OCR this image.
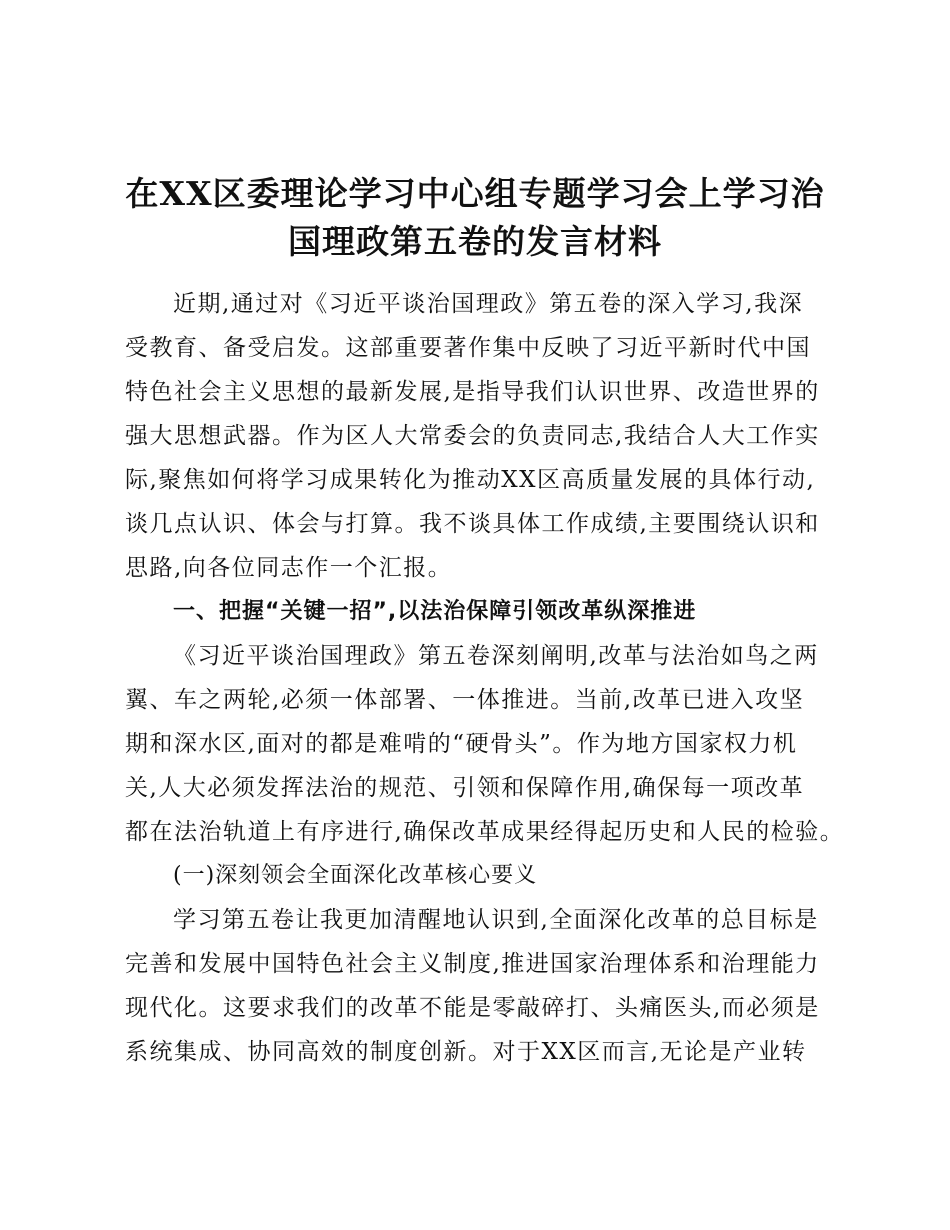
在XX区委理论学习中心组专题学习会上学习治
国理政第五卷的发言材料
近期,通过对《习近平谈治国理政》第五卷的深入学习,我深
受教育、备受启发。这部重要著作集中反映了习近平新时代中国
特色社会主义思想的最新发展,是指导我们认识世界、改造世界的
强大思想武器。作为区人大常委会的负责同志,我结合人大工作实
际,聚焦如何将学习成果转化为推动XX区高质量发展的具体行动,
谈几点认识、体会与打算。我不谈具体工作成绩,主要围绕认识和
思路,向各位同志作一个汇报。
一、把握“关键一招”,以法治保障引领改革纵深推进
《习近平谈治国理政》第五卷深刻阐明,改革与法治如鸟之两
翼、车之两轮,必须一体部署、一体推进。当前,改革已进入攻坚
期和深水区,面对的都是难啃的“硬骨头”。作为地方国家权力机
关,人大必须发挥法治的规范、引领和保障作用,确保每一项改革
都在法治轨道上有序进行,确保改革成果经得起历史和人民的检验。
(一)深刻领会全面深化改革核心要义
学习第五卷让我更加清醒地认识到,全面深化改革的总目标是
完善和发展中国特色社会主义制度,推进国家治理体系和治理能力
现代化。这要求我们的改革不能是零敲碎打、头痛医头,而必须是
系统集成、协同高效的制度创新。对于XX区而言,无论是产业转
